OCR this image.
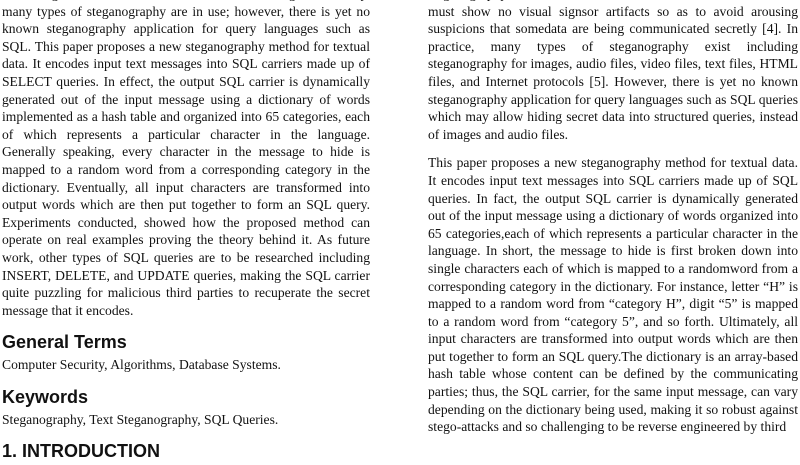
many types of steganography are in use; however, there is yet no known steganography application for query languages such as SQL. This paper proposes a new steganography method for textual data. It encodes input text messages into SQL carriers made up of SELECT queries. In effect, the output SQL carrier is dynamically generated out of the input message using a dictionary of words implemented as a hash table and organized into 65 categories, each of which represents a particular character in the language. Generally speaking, every character in the message to hide is mapped to a random word from a corresponding category in the dictionary. Eventually, all input characters are transformed into output words which are then put together to form an SQL query. Experiments conducted, showed how the proposed method can operate on real examples proving the theory behind it. As future work, other types of SQL queries are to be researched including INSERT, DELETE, and UPDATE queries, making the SQL carrier quite puzzling for malicious third parties to recuperate the secret message that it encodes.

General Terms

Computer Security, Algorithms, Database Systems.

Keywords

Steganography, Text Steganography, SQL Queries.

1. INTRODUCTION

must show no visual signsor artifacts so as to avoid arousing suspicions that somedata are being communicated secretly [4]. In practice, many types of steganography exist including steganography for images, audio files, video files, text files, HTML files, and Internet protocols [5]. However, there is yet no known steganography application for query languages such as SQL queries which may allow hiding secret data into structured queries, instead of images and audio files.

This paper proposes a new steganography method for textual data. It encodes input text messages into SQL carriers made up of SQL queries. In fact, the output SQL carrier is dynamically generated out of the input message using a dictionary of words organized into 65 categories,each of which represents a particular character in the language. In short, the message to hide is first broken down into single characters each of which is mapped to a randomword from a corresponding category in the dictionary. For instance, letter “H” is mapped to a random word from “category H”, digit “5” is mapped to a random word from “category 5”, and so forth. Ultimately, all input characters are transformed into output words which are then put together to form an SQL query.The dictionary is an array-based hash table whose content can be defined by the communicating parties; thus, the SQL carrier, for the same input message, can vary depending on the dictionary being used, making it so robust against stego-attacks and so challenging to be reverse engineered by third
